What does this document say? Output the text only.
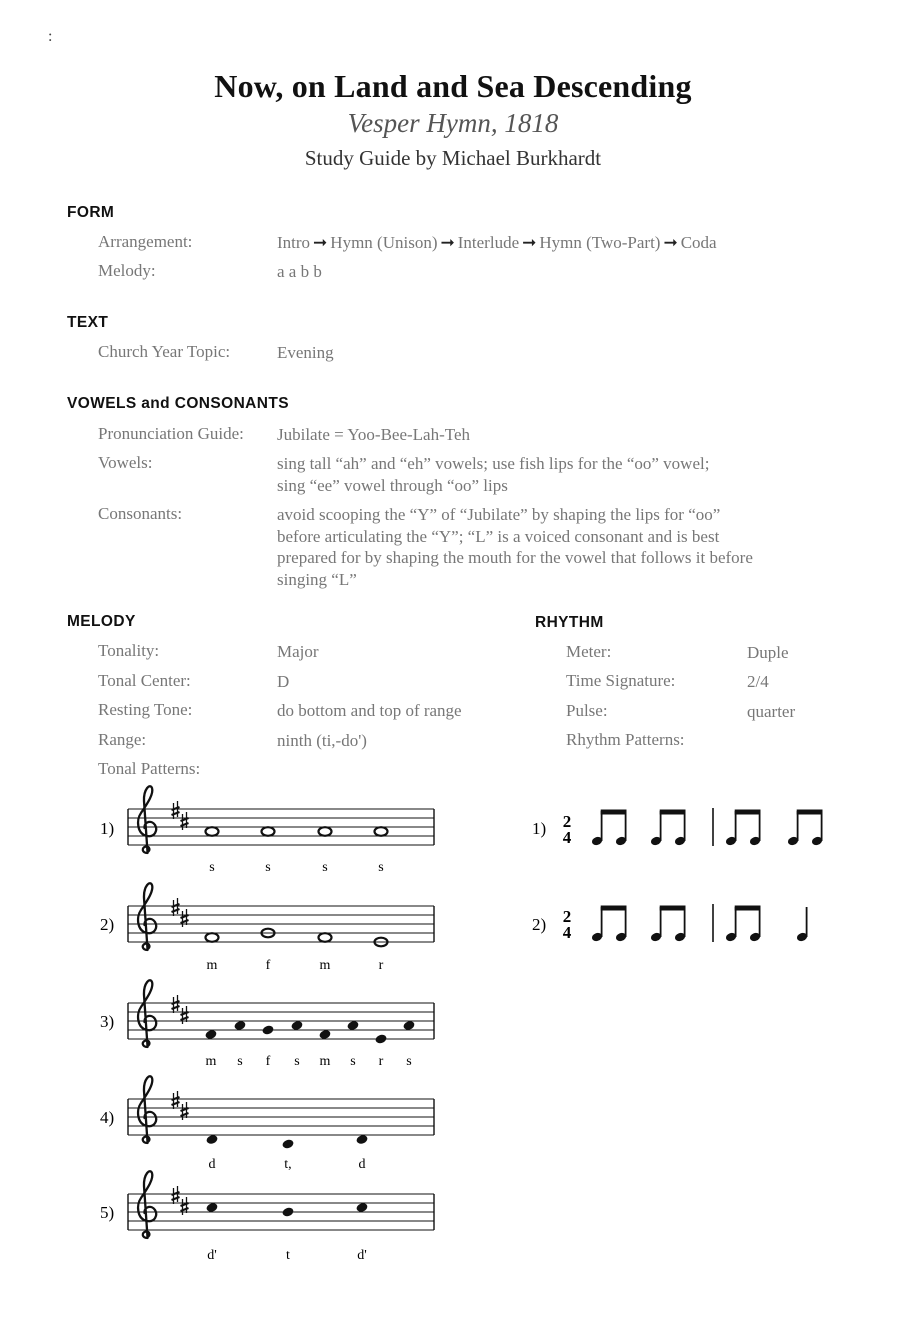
:
Now, on Land and Sea Descending
Vesper Hymn, 1818
Study Guide by Michael Burkhardt
FORM
Arrangement:	Intro ➞ Hymn (Unison) ➞ Interlude ➞ Hymn (Two-Part) ➞ Coda
Melody:	a a b b
TEXT
Church Year Topic:	Evening
VOWELS and CONSONANTS
Pronunciation Guide: Jubilate = Yoo-Bee-Lah-Teh
Vowels:	sing tall “ah” and “eh” vowels; use fish lips for the “oo” vowel;
sing “ee” vowel through “oo” lips
Consonants:	avoid scooping the “Y” of “Jubilate” by shaping the lips for “oo”
before articulating the “Y”; “L” is a voiced consonant and is best
prepared for by shaping the mouth for the vowel that follows it before
singing “L”
MELODY
Tonality:	Major
Tonal Center:	D
Resting Tone:	do bottom and top of range
Range:	ninth (ti,-do')
Tonal Patterns:
RHYTHM
Meter:	Duple
Time Signature:	2/4
Pulse:	quarter
Rhythm Patterns:
1)
s	s	s	s
2)
m	f	m	r
3)
m s f s m s r s
4)
d	t,	d
5)
d'	t	d'
1) 2
4
2) 2
4
